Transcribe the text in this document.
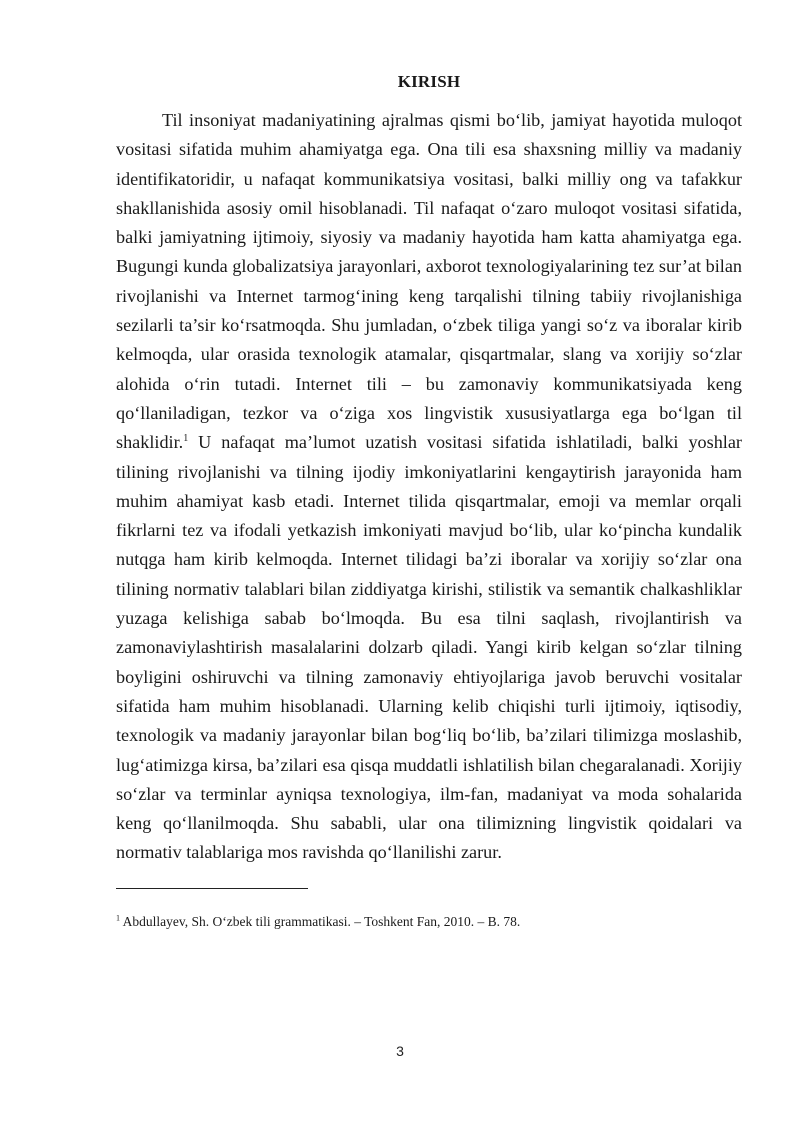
KIRISH

Til insoniyat madaniyatining ajralmas qismi bo‘lib, jamiyat hayotida muloqot vositasi sifatida muhim ahamiyatga ega. Ona tili esa shaxsning milliy va madaniy identifikatoridir, u nafaqat kommunikatsiya vositasi, balki milliy ong va tafakkur shakllanishida asosiy omil hisoblanadi. Til nafaqat o‘zaro muloqot vositasi sifatida, balki jamiyatning ijtimoiy, siyosiy va madaniy hayotida ham katta ahamiyatga ega. Bugungi kunda globalizatsiya jarayonlari, axborot texnologiyalarining tez sur’at bilan rivojlanishi va Internet tarmog‘ining keng tarqalishi tilning tabiiy rivojlanishiga sezilarli ta’sir ko‘rsatmoqda. Shu jumladan, o‘zbek tiliga yangi so‘z va iboralar kirib kelmoqda, ular orasida texnologik atamalar, qisqartmalar, slang va xorijiy so‘zlar alohida o‘rin tutadi. Internet tili – bu zamonaviy kommunikatsiyada keng qo‘llaniladigan, tezkor va o‘ziga xos lingvistik xususiyatlarga ega bo‘lgan til shaklidir.$^1$ U nafaqat ma’lumot uzatish vositasi sifatida ishlatiladi, balki yoshlar tilining rivojlanishi va tilning ijodiy imkoniyatlarini kengaytirish jarayonida ham muhim ahamiyat kasb etadi. Internet tilida qisqartmalar, emoji va memlar orqali fikrlarni tez va ifodali yetkazish imkoniyati mavjud bo‘lib, ular ko‘pincha kundalik nutqga ham kirib kelmoqda. Internet tilidagi ba’zi iboralar va xorijiy so‘zlar ona tilining normativ talablari bilan ziddiyatga kirishi, stilistik va semantik chalkashliklar yuzaga kelishiga sabab bo‘lmoqda. Bu esa tilni saqlash, rivojlantirish va zamonaviylashtirish masalalarini dolzarb qiladi. Yangi kirib kelgan so‘zlar tilning boyligini oshiruvchi va tilning zamonaviy ehtiyojlariga javob beruvchi vositalar sifatida ham muhim hisoblanadi. Ularning kelib chiqishi turli ijtimoiy, iqtisodiy, texnologik va madaniy jarayonlar bilan bog‘liq bo‘lib, ba’zilari tilimizga moslashib, lug‘atimizga kirsa, ba’zilari esa qisqa muddatli ishlatilish bilan chegaralanadi. Xorijiy so‘zlar va terminlar ayniqsa texnologiya, ilm-fan, madaniyat va moda sohalarida keng qo‘llanilmoqda. Shu sababli, ular ona tilimizning lingvistik qoidalari va normativ talablariga mos ravishda qo‘llanilishi zarur.

$^1$ Abdullayev, Sh. O‘zbek tili grammatikasi. – Toshkent Fan, 2010. – B. 78.

3
